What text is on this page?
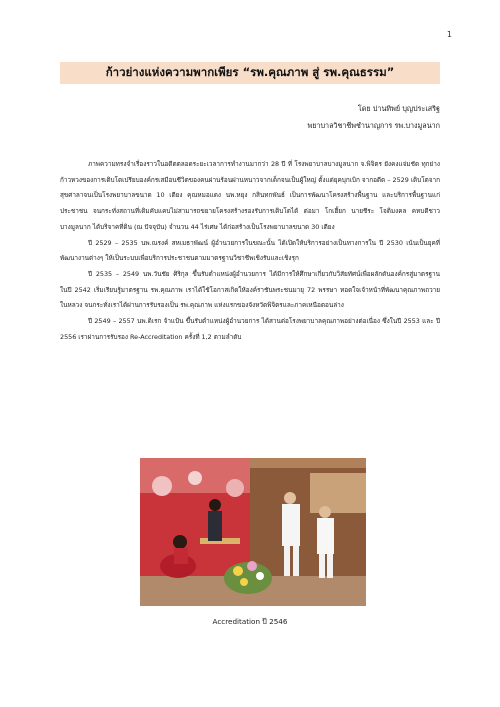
1
ก้าวย่างแห่งความพากเพียร “รพ.คุณภาพ สู่ รพ.คุณธรรม”
โดย ปานทิพย์ บุญประเสริฐ
พยาบาลวิชาชีพชำนาญการ รพ.บางมูลนาก

ภาพความทรงจำเรื่องราวในอดีตตลอดระยะเวลาการทำงานมากว่า 28 ปี ที่ โรงพยาบาลบางมูลนาก จ.พิจิตร ยังคงแจ่มชัด ทุกย่างก้าวหวงของการเติบโตเปรียบองค์กรเสมือนชีวิตของคนผ่านร้อนผ่านหนาวจากเด็กจนเป็นผู้ใหญ่ ตั้งแต่ยุคบุกเบิก จากอดีต – 2529 เติบโตจากสุขศาลาจนเป็นโรงพยาบาลขนาด 10 เตียง คุณหมอแดง นพ.หยุง กสินทกพันธ์ เป็นการพัฒนาโครงสร้างพื้นฐาน และบริการพื้นฐานแก่ประชาชน จนกระทั่งสถานที่เดิมคับแคบไม่สามารถขยายโครงสร้างรองรับการเติบโตได้ ต่อมา โกเฮี้ยก นายชีระ โจติมงคล คหบดีชาวบางมูลนาก ได้บริจาคที่ดิน (ณ ปัจจุบัน) จำนวน 44 ไร่เศษ ได้ก่อสร้างเป็นโรงพยาบาลขนาด 30 เตียง

ปี 2529 – 2535 นพ.ณรงค์ สหเมธาพัฒน์ ผู้อำนวยการในขณะนั้น ได้เปิดให้บริการอย่างเป็นทางการใน ปี 2530 เน้นเป็นยุคที่พัฒนางานต่างๆ ให้เป็นระบบเพื่อบริการประชาชนตามมาตรฐานวิชาชีพเชิงรับและเชิงรุก

ปี 2535 – 2549 นพ.วันชัย ศิริกุล ขึ้นรับตำแหน่งผู้อำนวยการ ได้มีการให้ศึกษาเกี่ยวกับวิสัยทัศน์เพื่อผลักดันองค์กรสู่มาตรฐาน ในปี 2542 เริ่มเรียนรู้มาตรฐาน รพ.คุณภาพ เราได้ใช้โอกาสเกิดให้องค์ราชันพระชนมายุ 72 พรรษา ทอดใจเจ้าหน้าที่พัฒนาคุณภาพถวายในหลวง จนกระทั่งเราได้ผ่านการรับรองเป็น รพ.คุณภาพ แห่งแรกของจังหวัดพิจิตรและภาคเหนือตอนล่าง

ปี 2549 – 2557 นพ.ดิเรก จ้าแป้น ขึ้นรับตำแหน่งผู้อำนวยการ ได้สานต่อโรงพยาบาลคุณภาพอย่างต่อเนื่อง ซึ่งในปี 2553 และ ปี 2556 เราผ่านการรับรอง Re-Accreditation ครั้งที่ 1,2 ตามลำดับ

Accreditation ปี 2546
